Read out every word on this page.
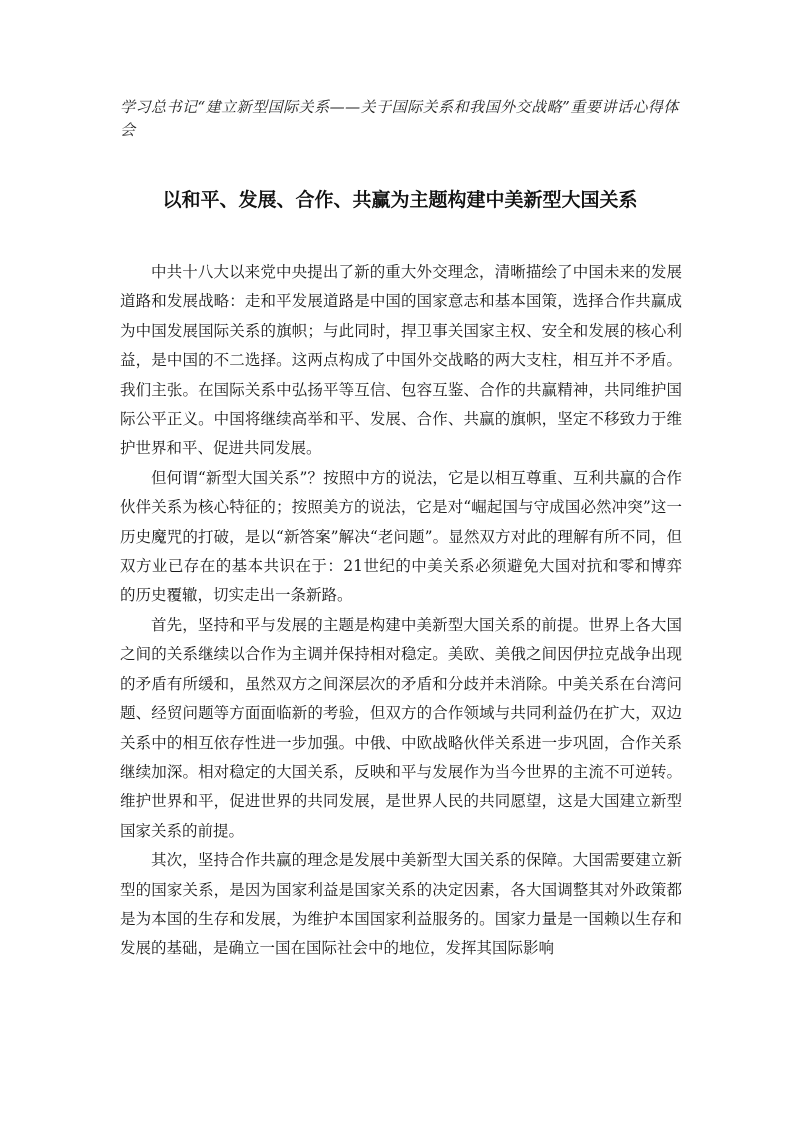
学习总书记“建立新型国际关系——关于国际关系和我国外交战略”重要讲话心得体会
以和平、发展、合作、共赢为主题构建中美新型大国关系

中共十八大以来党中央提出了新的重大外交理念，清晰描绘了中国未来的发展道路和发展战略：走和平发展道路是中国的国家意志和基本国策，选择合作共赢成为中国发展国际关系的旗帜；与此同时，捍卫事关国家主权、安全和发展的核心利益，是中国的不二选择。这两点构成了中国外交战略的两大支柱，相互并不矛盾。我们主张。在国际关系中弘扬平等互信、包容互鉴、合作的共赢精神，共同维护国际公平正义。中国将继续高举和平、发展、合作、共赢的旗帜，坚定不移致力于维护世界和平、促进共同发展。

但何谓“新型大国关系”？按照中方的说法，它是以相互尊重、互利共赢的合作伙伴关系为核心特征的；按照美方的说法，它是对“崛起国与守成国必然冲突”这一历史魔咒的打破，是以“新答案”解决“老问题”。显然双方对此的理解有所不同，但双方业已存在的基本共识在于：21世纪的中美关系必须避免大国对抗和零和博弈的历史覆辙，切实走出一条新路。

首先，坚持和平与发展的主题是构建中美新型大国关系的前提。世界上各大国之间的关系继续以合作为主调并保持相对稳定。美欧、美俄之间因伊拉克战争出现的矛盾有所缓和，虽然双方之间深层次的矛盾和分歧并未消除。中美关系在台湾问题、经贸问题等方面面临新的考验，但双方的合作领域与共同利益仍在扩大，双边关系中的相互依存性进一步加强。中俄、中欧战略伙伴关系进一步巩固，合作关系继续加深。相对稳定的大国关系，反映和平与发展作为当今世界的主流不可逆转。维护世界和平，促进世界的共同发展，是世界人民的共同愿望，这是大国建立新型国家关系的前提。

其次，坚持合作共赢的理念是发展中美新型大国关系的保障。大国需要建立新型的国家关系，是因为国家利益是国家关系的决定因素，各大国调整其对外政策都是为本国的生存和发展，为维护本国国家利益服务的。国家力量是一国赖以生存和发展的基础，是确立一国在国际社会中的地位，发挥其国际影响
